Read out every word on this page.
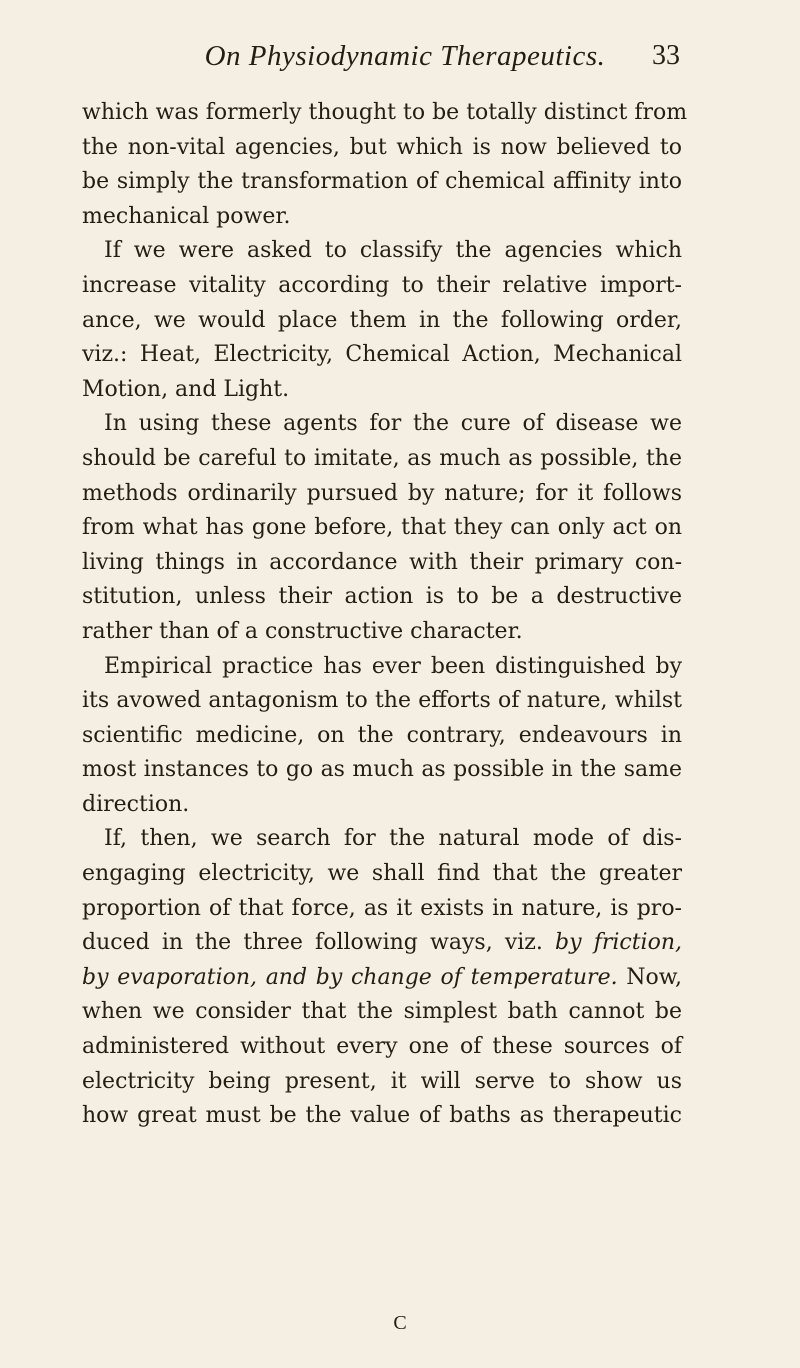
On Physiodynamic Therapeutics.	33
which was formerly thought to be totally distinct from
the non-vital agencies, but which is now believed to
be simply the transformation of chemical affinity into
mechanical power.
If we were asked to classify the agencies which
increase vitality according to their relative import-
ance, we would place them in the following order,
viz.: Heat, Electricity, Chemical Action, Mechanical
Motion, and Light.
In using these agents for the cure of disease we
should be careful to imitate, as much as possible, the
methods ordinarily pursued by nature; for it follows
from what has gone before, that they can only act on
living things in accordance with their primary con-
stitution, unless their action is to be a destructive
rather than of a constructive character.
Empirical practice has ever been distinguished by
its avowed antagonism to the efforts of nature, whilst
scientific medicine, on the contrary, endeavours in
most instances to go as much as possible in the same
direction.
If, then, we search for the natural mode of dis-
engaging electricity, we shall find that the greater
proportion of that force, as it exists in nature, is pro-
duced in the three following ways, viz. by friction,
by evaporation, and by change of temperature. Now,
when we consider that the simplest bath cannot be
administered without every one of these sources of
electricity being present, it will serve to show us
how great must be the value of baths as therapeutic
C
